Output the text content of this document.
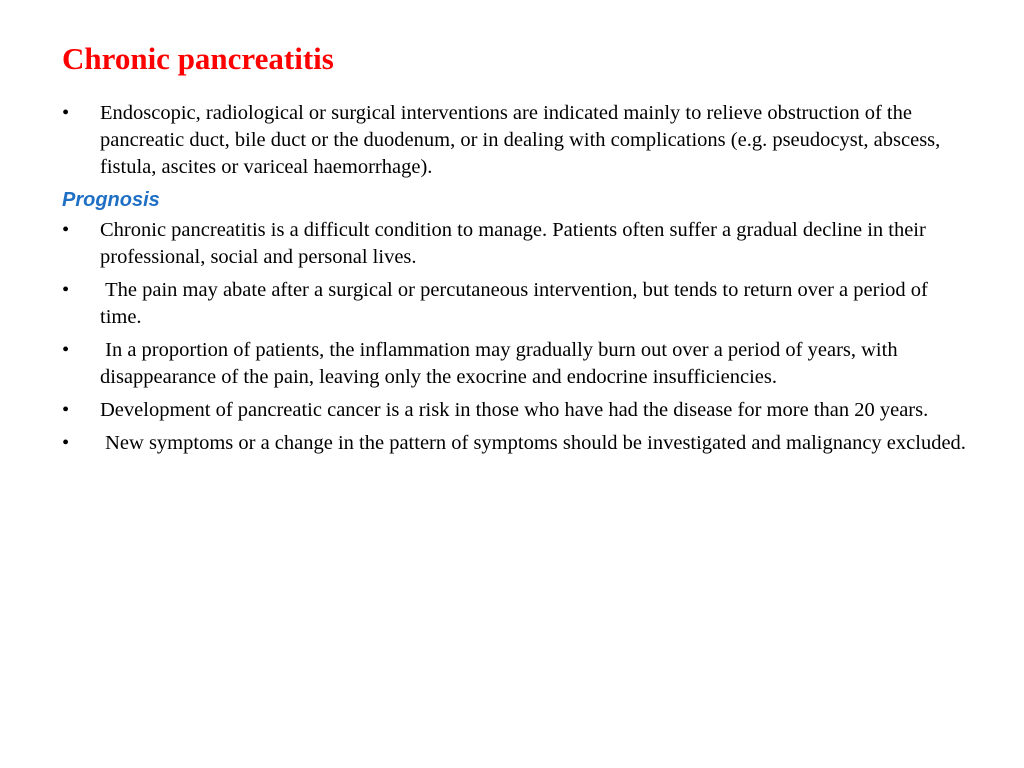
Chronic pancreatitis
•	Endoscopic, radiological or surgical interventions are indicated mainly to relieve obstruction of the pancreatic duct, bile duct or the duodenum, or in dealing with complications (e.g. pseudocyst, abscess, fistula, ascites or variceal haemorrhage).
Prognosis
•	Chronic pancreatitis is a difficult condition to manage. Patients often suffer a gradual decline in their professional, social and personal lives.
•	The pain may abate after a surgical or percutaneous intervention, but tends to return over a period of time.
•	In a proportion of patients, the inflammation may gradually burn out over a period of years, with disappearance of the pain, leaving only the exocrine and endocrine insufficiencies.
•	Development of pancreatic cancer is a risk in those who have had the disease for more than 20 years.
•	New symptoms or a change in the pattern of symptoms should be investigated and malignancy excluded.
